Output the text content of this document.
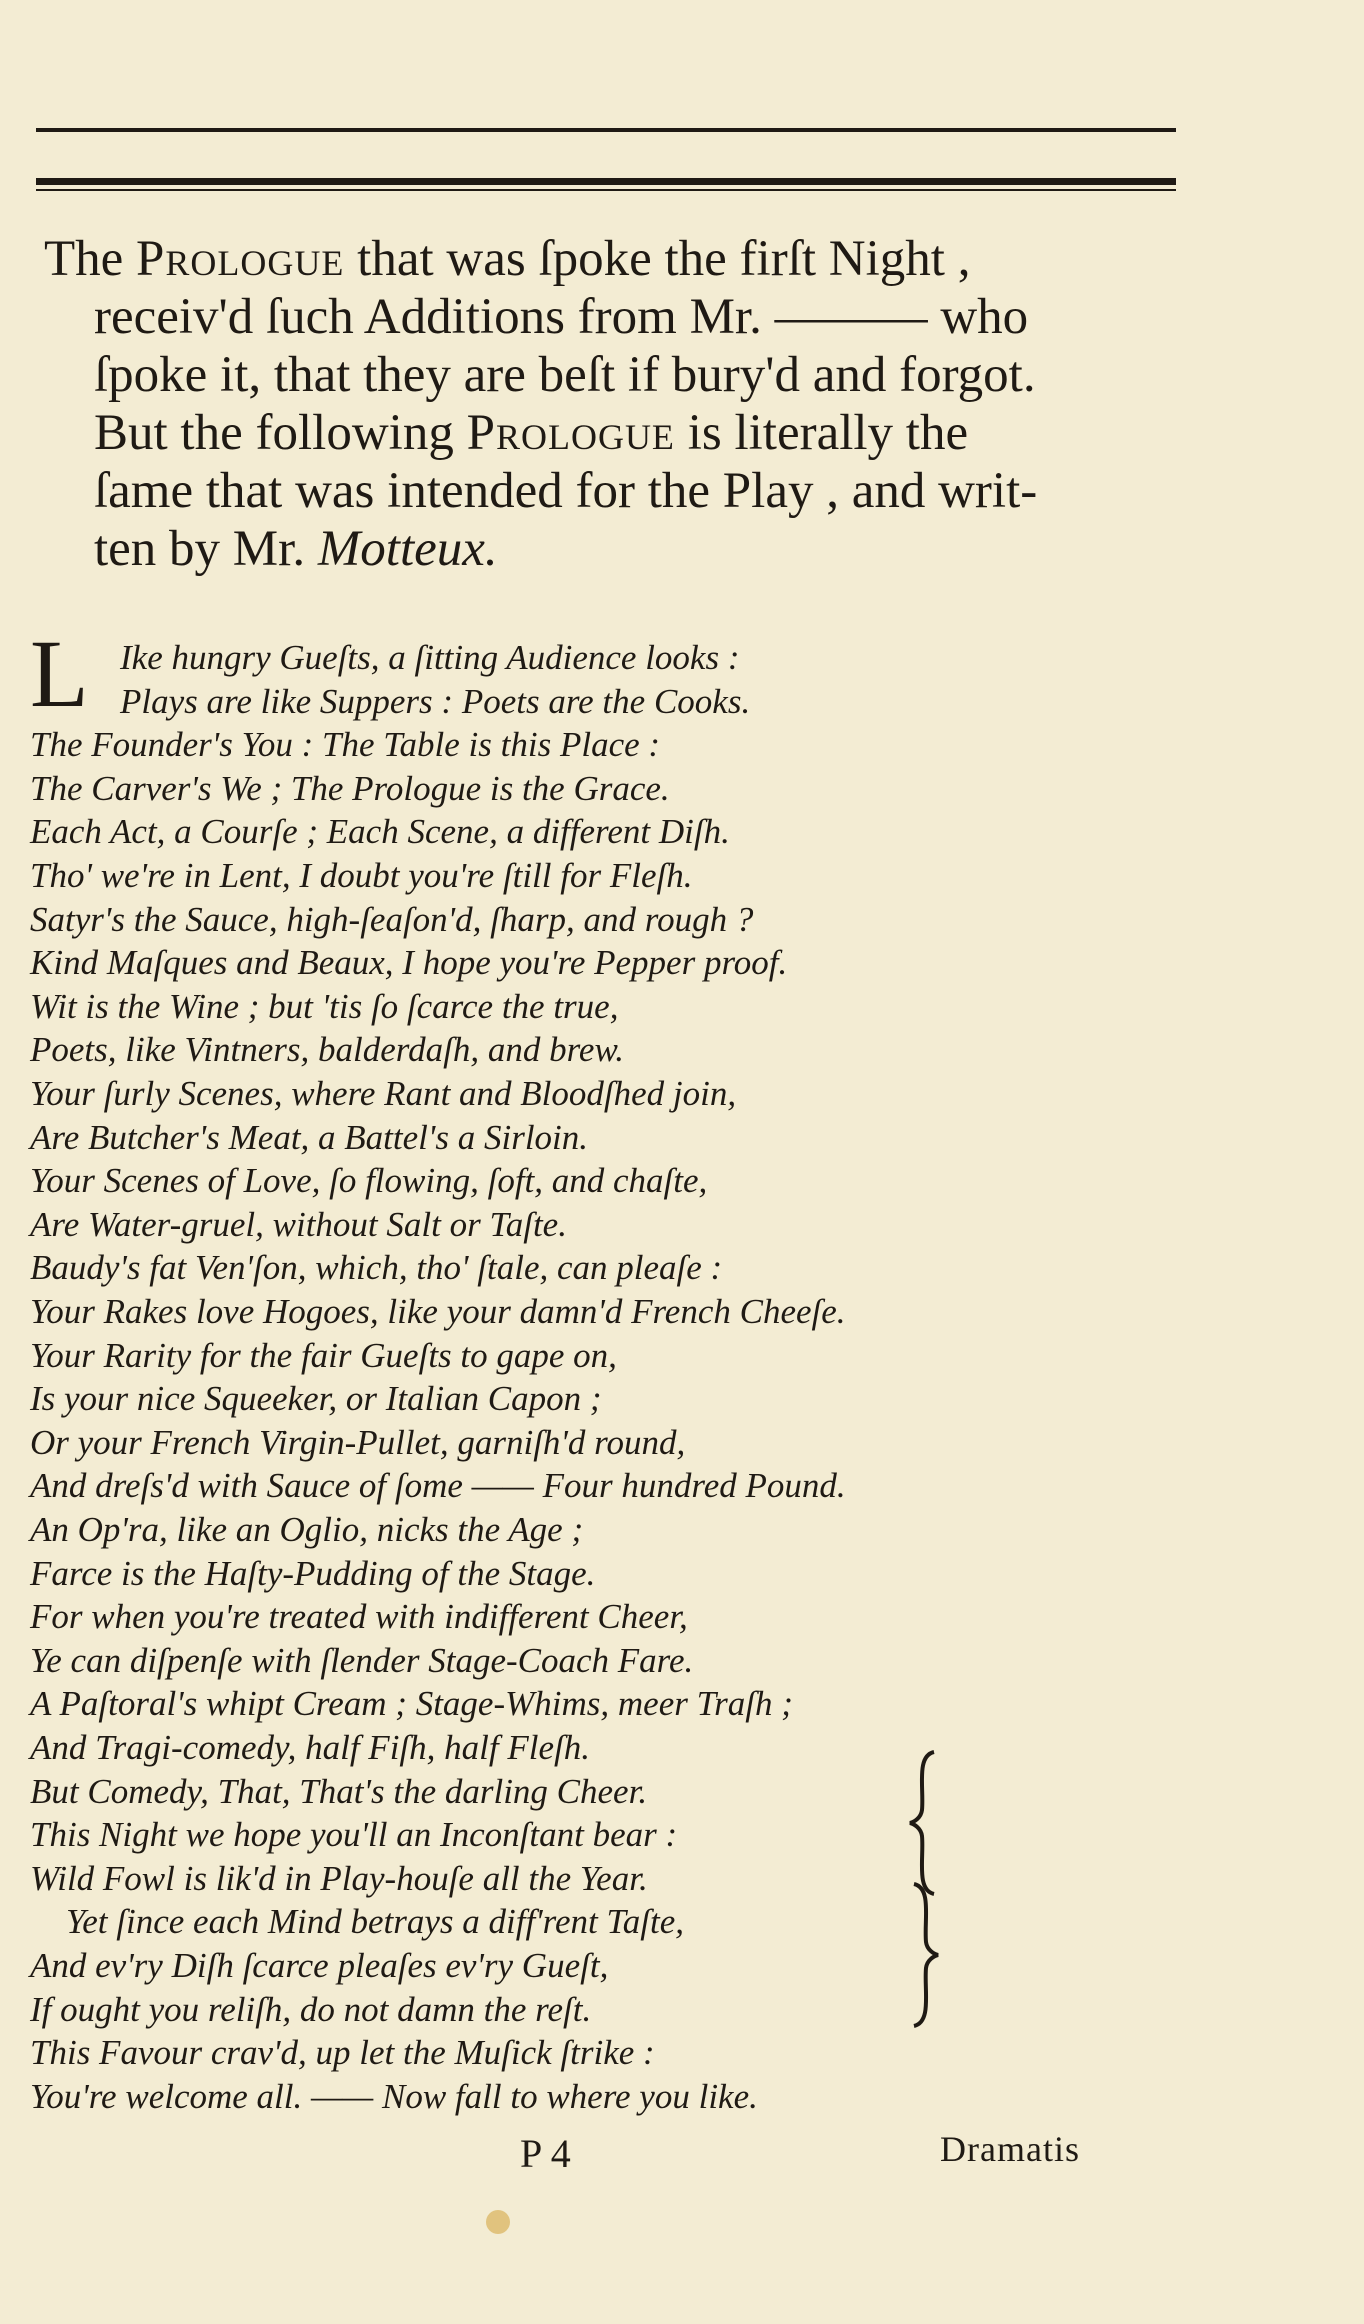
The Prologue that was ſpoke the firſt Night ,
receiv'd ſuch Additions from Mr. ——— who
ſpoke it, that they are beſt if bury'd and forgot.
But the following Prologue is literally the
ſame that was intended for the Play , and writ-
ten by Mr. Motteux.
L Ike hungry Gueſts, a ſitting Audience looks :
Plays are like Suppers : Poets are the Cooks.
The Founder's You : The Table is this Place :
The Carver's We ; The Prologue is the Grace.
Each Act, a Courſe ; Each Scene, a different Diſh.
Tho' we're in Lent, I doubt you're ſtill for Fleſh.
Satyr's the Sauce, high-ſeaſon'd, ſharp, and rough ?
Kind Maſques and Beaux, I hope you're Pepper proof.
Wit is the Wine ; but 'tis ſo ſcarce the true,
Poets, like Vintners, balderdaſh, and brew.
Your ſurly Scenes, where Rant and Bloodſhed join,
Are Butcher's Meat, a Battel's a Sirloin.
Your Scenes of Love, ſo flowing, ſoft, and chaſte,
Are Water-gruel, without Salt or Taſte.
Baudy's fat Ven'ſon, which, tho' ſtale, can pleaſe :
Your Rakes love Hogoes, like your damn'd French Cheeſe.
Your Rarity for the fair Gueſts to gape on,
Is your nice Squeeker, or Italian Capon ;
Or your French Virgin-Pullet, garniſh'd round,
And dreſs'd with Sauce of ſome —— Four hundred Pound.
An Op'ra, like an Oglio, nicks the Age ;
Farce is the Haſty-Pudding of the Stage.
For when you're treated with indifferent Cheer,
Ye can diſpenſe with ſlender Stage-Coach Fare.
A Paſtoral's whipt Cream ; Stage-Whims, meer Traſh ;
And Tragi-comedy, half Fiſh, half Fleſh.
But Comedy, That, That's the darling Cheer.
This Night we hope you'll an Inconſtant bear :
Wild Fowl is lik'd in Play-houſe all the Year.
Yet ſince each Mind betrays a diff'rent Taſte,
And ev'ry Diſh ſcarce pleaſes ev'ry Gueſt,
If ought you reliſh, do not damn the reſt.
This Favour crav'd, up let the Muſick ſtrike :
You're welcome all. —— Now fall to where you like.
P 4	Dramatis
